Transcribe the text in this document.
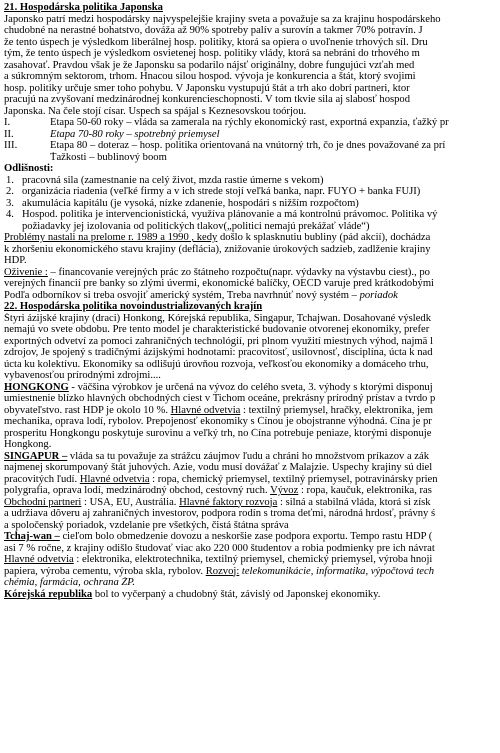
21. Hospodárska politika Japonska
Japonsko patrí medzi hospodársky najvyspelejšie krajiny sveta a považuje sa za krajinu hospodárskeho
chudobné na nerastné bohatstvo, dováža až 90% spotreby palív a surovín a takmer 70% potravín. J
že tento úspech je výsledkom liberálnej hosp. politiky, ktorá sa opiera o uvoľnenie trhových síl. Dru
tým, že tento úspech je výsledkom osvietenej hosp. politiky vlády, ktorá sa nebráni do trhového m
zasahovať. Pravdou však je že Japonsku sa podarilo nájsť originálny, dobre fungujúci vzťah med
a súkromným sektorom, trhom. Hnacou silou hospod. vývoja je konkurencia a štát, ktorý svojimi
hosp. politiky určuje smer toho pohybu. V Japonsku vystupujú štát a trh ako dobrí partneri, ktor
pracujú na zvyšovaní medzinárodnej konkurencieschopnosti. V tom tkvie sila aj slabosť hospod
Japonska. Na čele stojí císar. Úspech sa spájal s Keznesovskou toórjou.
I.	Etapa 50-60 roky – vláda sa zamerala na rýchly ekonomický rast, exportná expanzia, ťažký pr
II.	Etapa 70-80 roky – spotrebný priemysel
III.	Etapa 80 – doteraz – hosp. politika orientovaná na vnútorný trh, čo je dnes považované za prí
Ťažkosti – bublinový boom
Odlišnosti:
1. pracovná sila (zamestnanie na celý život, mzda rastie úmerne s vekom)
2. organizácia riadenia (veľké firmy a v ich strede stojí veľká banka, napr. FUYO + banka FUJI)
3. akumulácia kapitálu (je vysoká, nízke zdanenie, hospodári s nižším rozpočtom)
4. Hospod. politika je intervencionistická, využíva plánovanie a má kontrolnú právomoc. Politika vý
požiadavky jej izolovania od politických tlakov(„politici nemajú prekážať vláde“)
Problémy nastali na prelome r. 1989 a 1990 , kedy došlo k splasknutiu bubliny (pád akcií), dochádza
k zhoršeniu ekonomického stavu krajiny (deflácia), znižovanie úrokových sadzieb, zadlženie krajiny
HDP.
Oživenie : – financovanie verejných prác zo štátneho rozpočtu(napr. výdavky na výstavbu ciest)., po
verejných financií pre banky so zlými úvermi, ekonomické balíčky, OECD varuje pred krátkodobými
Podľa odborníkov si treba osvojiť americký systém, Treba navrhnúť nový systém – poriadok
22. Hospodárska politika novoindustrializovaných krajín
Štyri ázijské krajiny (draci) Honkong, Kórejská republika, Singapur, Tchajwan. Dosahované výsledk
nemajú vo svete obdobu. Pre tento model je charakteristické budovanie otvorenej ekonomiky, prefer
exportných odvetví za pomoci zahraničných technológií, pri plnom využití miestnych výhod, najmä l
zdrojov, Je spojený s tradičnými ázijskými hodnotami: pracovitosť, usilovnosť, disciplína, úcta k nad
úcta ku kolektívu. Ekonomiky sa odlišujú úrovňou rozvoja, veľkosťou ekonomiky a domáceho trhu,
vybavenosťou prírodnými zdrojmi....
HONGKONG - väčšina výrobkov je určená na vývoz do celého sveta, 3. výhody s ktorými disponuj
umiestnenie blízko hlavných obchodných ciest v Tichom oceáne, prekrásny prírodný prístav a tvrdo p
obyvateľstvo. rast HDP je okolo 10 %. Hlavné odvetvia : textilný priemysel, hračky, elektronika, jem
mechanika, oprava lodí, rybolov. Prepojenosť ekonomiky s Čínou je obojstranne výhodná. Čína je pr
prosperitu Hongkongu poskytuje surovinu a veľký trh, no Čína potrebuje peniaze, ktorými disponuje
Hongkong.
SINGAPUR – vláda sa tu považuje za strážcu záujmov ľudu a chráni ho množstvom príkazov a zák
najmenej skorumpovaný štát juhových. Azie, vodu musí dovážať z Malajzie. Úspechy krajiny sú diel
pracovitých ľudí. Hlavné odvetvia : ropa, chemický priemysel, textilný priemysel, potravinársky prien
polygrafia, oprava lodí, medzinárodný obchod, cestovný ruch. Vývoz : ropa, kaučuk, elektronika, ras
Obchodní partneri : USA, EU, Austrália. Hlavné faktory rozvoja : silná a stabilná vláda, ktorá si získ
a udržiava dôveru aj zahraničných investorov, podpora rodín s troma deťmi, národná hrdosť, právny ś
a spoločenský poriadok, vzdelanie pre všetkých, čistá štátna správa
Tchaj-wan – cieľom bolo obmedzenie dovozu a neskoršie zase podpora exportu. Tempo rastu HDP (
asi 7 % ročne, z krajiny odišlo študovať viac ako 220 000 študentov a robia podmienky pre ich návrat
Hlavné odvetvia : elektronika, elektrotechnika, textilný priemysel, chemický priemysel, výroba hnoji
papiera, výroba cementu, výroba skla, rybolov. Rozvoj: telekomunikácie, informatika, výpočtová tech
chémia, farmácia, ochrana ŽP.
Kórejská republika bol to vyčerpaný a chudobný štát, závislý od Japonskej ekonomiky.
